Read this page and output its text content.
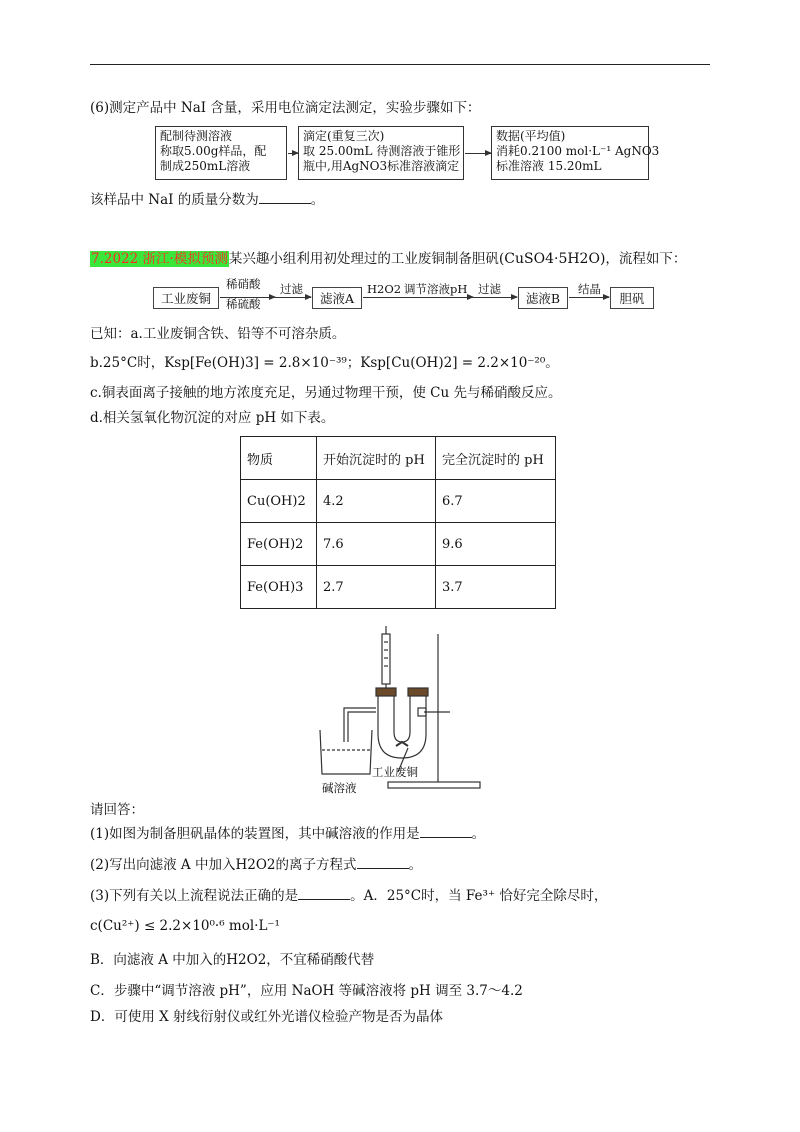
(6)测定产品中 NaI 含量，采用电位滴定法测定，实验步骤如下：
配制待测溶液
称取5.00g样品，配
制成250mL溶液
滴定(重复三次)
取 25.00mL 待测溶液于锥形
瓶中,用AgNO3标准溶液滴定
数据(平均值)
消耗0.2100 mol·L⁻¹ AgNO3
标准溶液 15.20mL
该样品中 NaI 的质量分数为	。
7.2022 浙江·模拟预测某兴趣小组利用初处理过的工业废铜制备胆矾(CuSO4·5H2O)，流程如下：
工业废铜
稀硝酸
稀硫酸
过滤
滤液A
H2O2 调节溶液pH 过滤
滤液B
结晶
胆矾
已知：a.工业废铜含铁、铅等不可溶杂质。
b.25°C时，Ksp[Fe(OH)3] = 2.8×10⁻³⁹；Ksp[Cu(OH)2] = 2.2×10⁻²⁰。
c.铜表面离子接触的地方浓度充足，另通过物理干预，使 Cu 先与稀硝酸反应。
d.相关氢氧化物沉淀的对应 pH 如下表。
物质	开始沉淀时的 pH	完全沉淀时的 pH
Cu(OH)2	4.2	6.7
Fe(OH)2	7.6	9.6
Fe(OH)3	2.7	3.7
碱溶液
工业废铜
请回答：
(1)如图为制备胆矾晶体的装置图，其中碱溶液的作用是	。
(2)写出向滤液 A 中加入H2O2的离子方程式	。
(3)下列有关以上流程说法正确的是	。A．25°C时，当 Fe³⁺ 恰好完全除尽时，
c(Cu²⁺) ≤ 2.2×10⁰·⁶ mol·L⁻¹
B．向滤液 A 中加入的H2O2，不宜稀硝酸代替
C．步骤中“调节溶液 pH”，应用 NaOH 等碱溶液将 pH 调至 3.7～4.2
D．可使用 X 射线衍射仪或红外光谱仪检验产物是否为晶体
